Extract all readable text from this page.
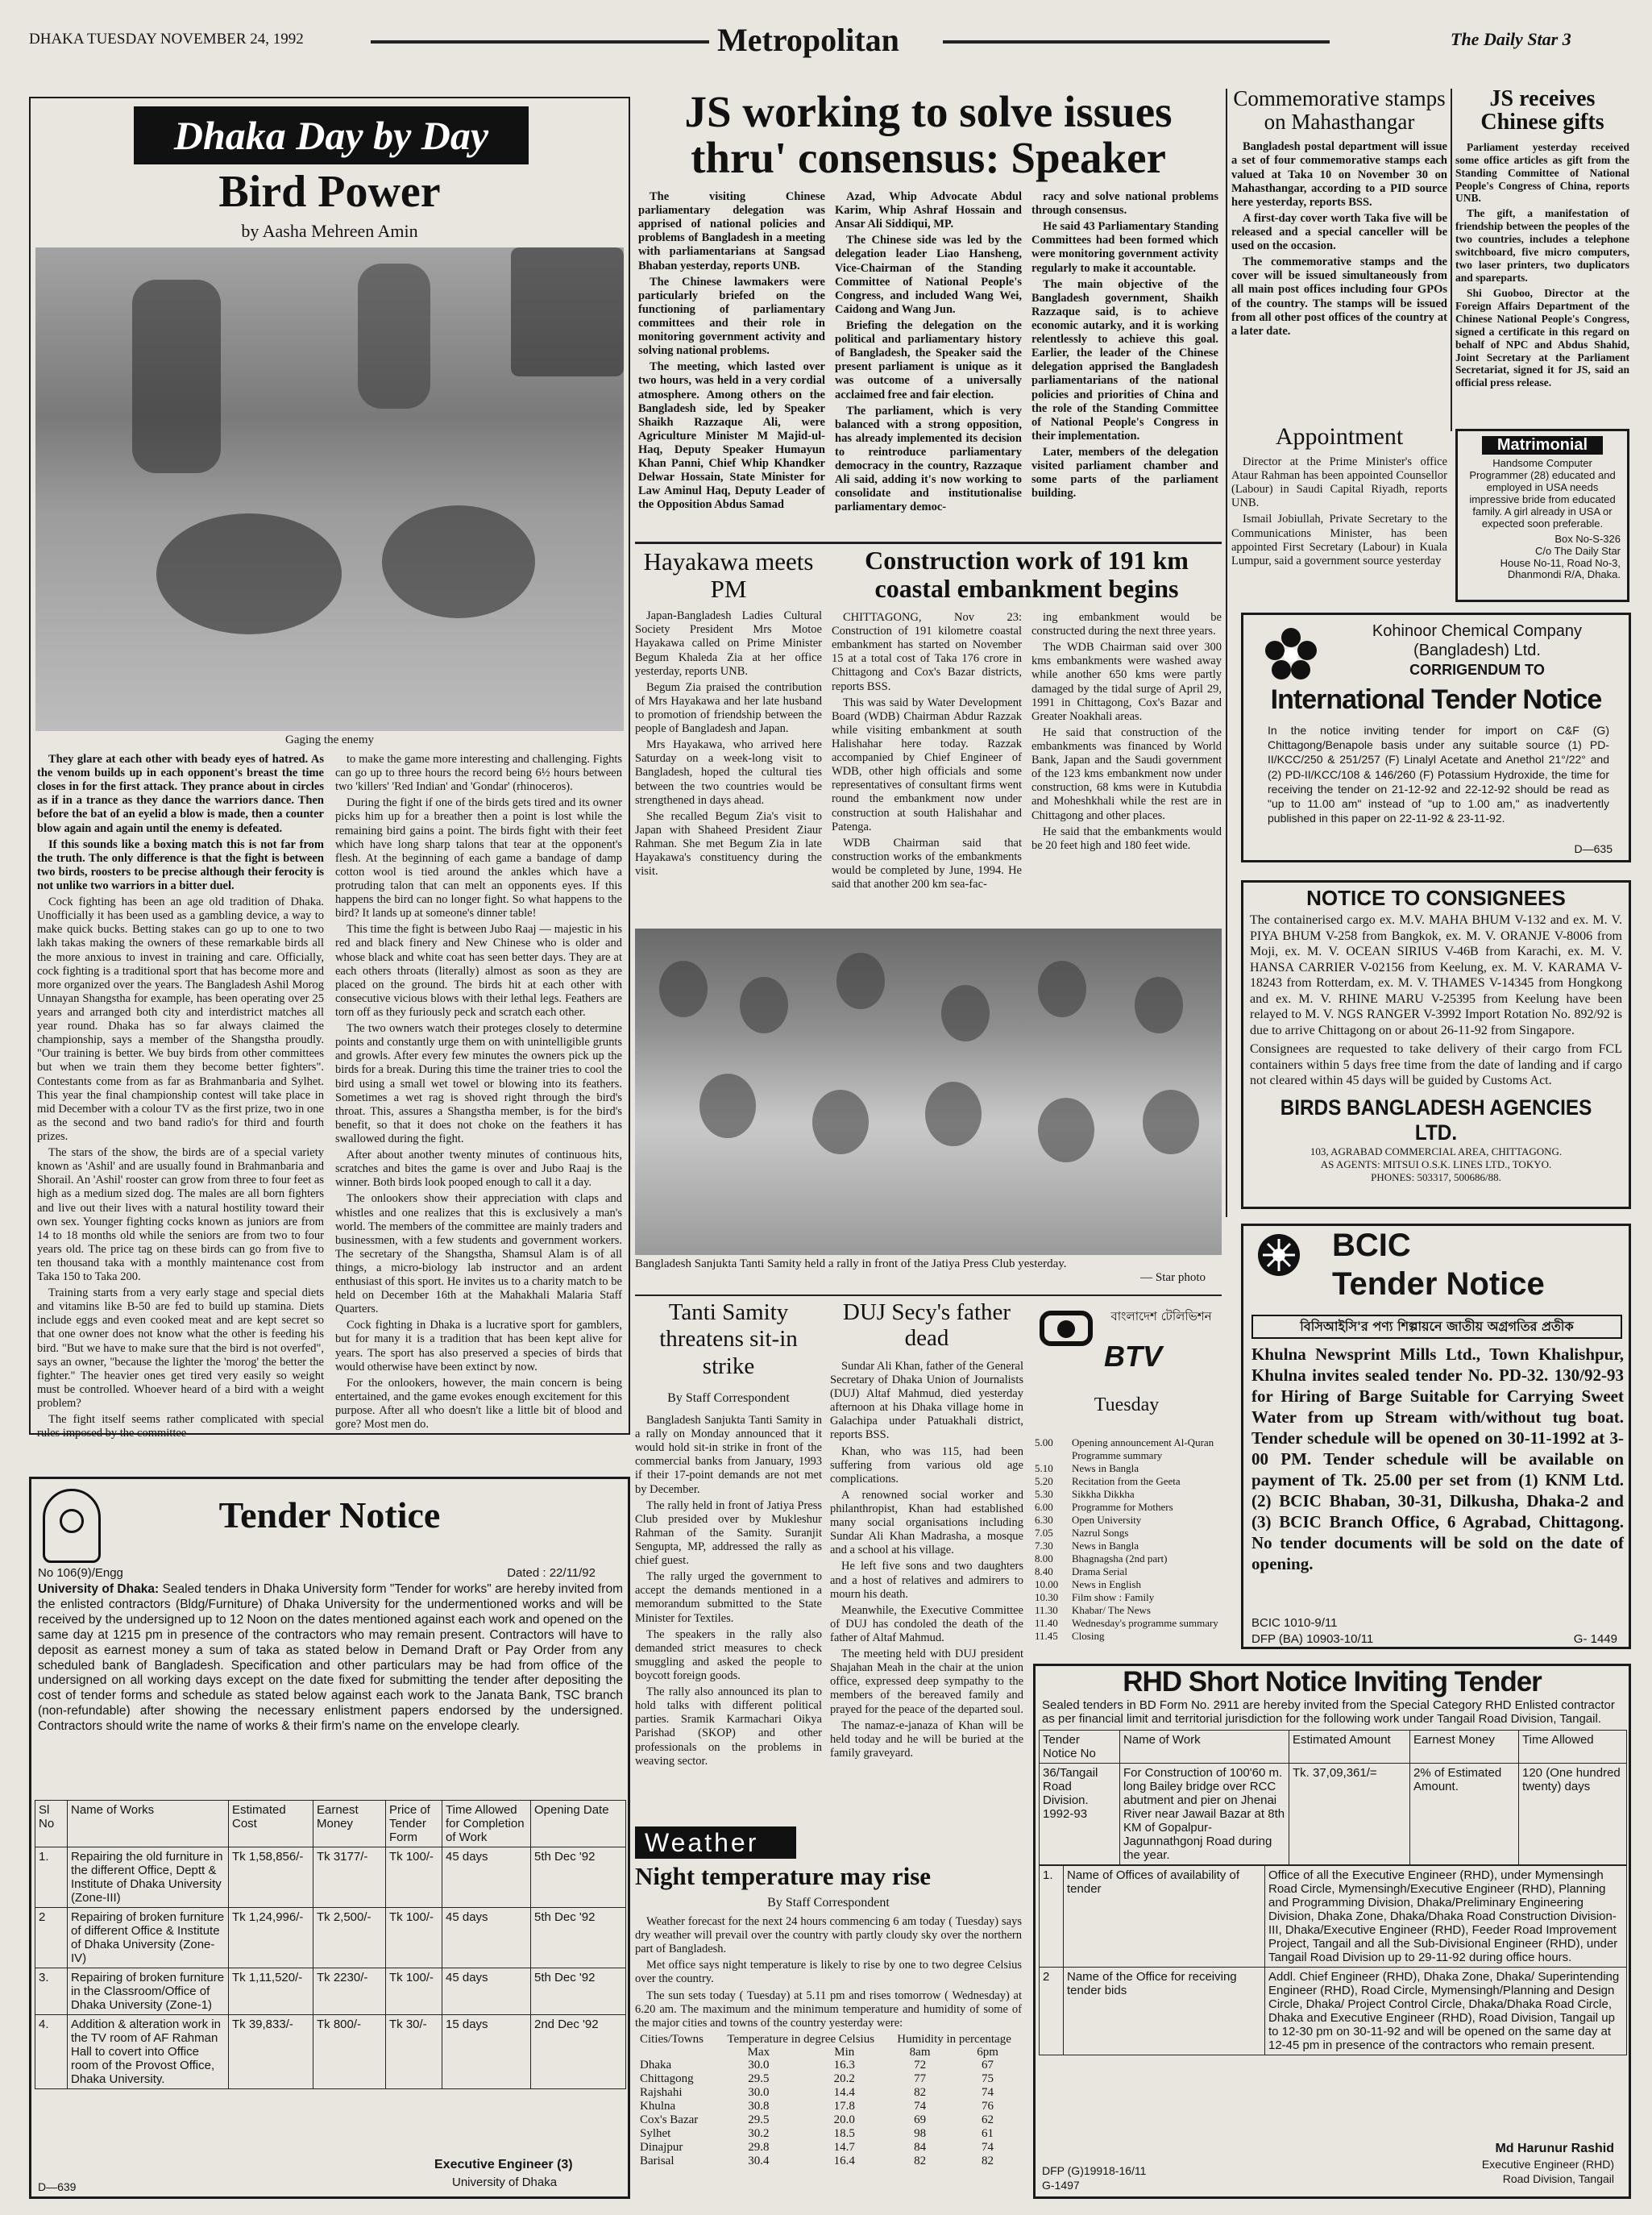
DHAKA TUESDAY NOVEMBER 24, 1992	Metropolitan	The Daily Star 3
Dhaka Day by Day
Bird Power
by Aasha Mehreen Amin
Gaging the enemy

They glare at each other with beady eyes of hatred. As the venom builds up in each opponent's breast the time closes in for the first attack. They prance about in circles as if in a trance as they dance the warriors dance. Then before the bat of an eyelid a blow is made, then a counter blow again and again until the enemy is defeated.

If this sounds like a boxing match this is not far from the truth. The only difference is that the fight is between two birds, roosters to be precise although their ferocity is not unlike two warriors in a bitter duel.

Cock fighting has been an age old tradition of Dhaka. Unofficially it has been used as a gambling device, a way to make quick bucks. Betting stakes can go up to one to two lakh takas making the owners of these remarkable birds all the more anxious to invest in training and care. Officially, cock fighting is a traditional sport that has become more and more organized over the years. The Bangladesh Ashil Morog Unnayan Shangstha for example, has been operating over 25 years and arranged both city and interdistrict matches all year round. Dhaka has so far always claimed the championship, says a member of the Shangstha proudly. "Our training is better. We buy birds from other committees but when we train them they become better fighters". Contestants come from as far as Brahmanbaria and Sylhet. This year the final championship contest will take place in mid December with a colour TV as the first prize, two in one as the second and two band radio's for third and fourth prizes.

The stars of the show, the birds are of a special variety known as 'Ashil' and are usually found in Brahmanbaria and Shorail. An 'Ashil' rooster can grow from three to four feet as high as a medium sized dog. The males are all born fighters and live out their lives with a natural hostility toward their own sex. Younger fighting cocks known as juniors are from 14 to 18 months old while the seniors are from two to four years old. The price tag on these birds can go from five to ten thousand taka with a monthly maintenance cost from Taka 150 to Taka 200.

Training starts from a very early stage and special diets and vitamins like B-50 are fed to build up stamina. Diets include eggs and even cooked meat and are kept secret so that one owner does not know what the other is feeding his bird. "But we have to make sure that the bird is not overfed", says an owner, "because the lighter the 'morog' the better the fighter." The heavier ones get tired very easily so weight must be controlled. Whoever heard of a bird with a weight problem?

The fight itself seems rather complicated with special rules imposed by the committee

to make the game more interesting and challenging. Fights can go up to three hours the record being 6½ hours between two 'killers' 'Red Indian' and 'Gondar' (rhinoceros).

During the fight if one of the birds gets tired and its owner picks him up for a breather then a point is lost while the remaining bird gains a point. The birds fight with their feet which have long sharp talons that tear at the opponent's flesh. At the beginning of each game a bandage of damp cotton wool is tied around the ankles which have a protruding talon that can melt an opponents eyes. If this happens the bird can no longer fight. So what happens to the bird? It lands up at someone's dinner table!

This time the fight is between Jubo Raaj — majestic in his red and black finery and New Chinese who is older and whose black and white coat has seen better days. They are at each others throats (literally) almost as soon as they are placed on the ground. The birds hit at each other with consecutive vicious blows with their lethal legs. Feathers are torn off as they furiously peck and scratch each other.

The two owners watch their proteges closely to determine points and constantly urge them on with unintelligible grunts and growls. After every few minutes the owners pick up the birds for a break. During this time the trainer tries to cool the bird using a small wet towel or blowing into its feathers. Sometimes a wet rag is shoved right through the bird's throat. This, assures a Shangstha member, is for the bird's benefit, so that it does not choke on the feathers it has swallowed during the fight.

After about another twenty minutes of continuous hits, scratches and bites the game is over and Jubo Raaj is the winner. Both birds look pooped enough to call it a day.

The onlookers show their appreciation with claps and whistles and one realizes that this is exclusively a man's world. The members of the committee are mainly traders and businessmen, with a few students and government workers. The secretary of the Shangstha, Shamsul Alam is of all things, a micro-biology lab instructor and an ardent enthusiast of this sport. He invites us to a charity match to be held on December 16th at the Mahakhali Malaria Staff Quarters.

Cock fighting in Dhaka is a lucrative sport for gamblers, but for many it is a tradition that has been kept alive for years. The sport has also preserved a species of birds that would otherwise have been extinct by now.

For the onlookers, however, the main concern is being entertained, and the game evokes enough excitement for this purpose. After all who doesn't like a little bit of blood and gore? Most men do.

JS working to solve issues thru' consensus: Speaker

The visiting Chinese parliamentary delegation was apprised of national policies and problems of Bangladesh in a meeting with parliamentarians at Sangsad Bhaban yesterday, reports UNB.

The Chinese lawmakers were particularly briefed on the functioning of parliamentary committees and their role in monitoring government activity and solving national problems.

The meeting, which lasted over two hours, was held in a very cordial atmosphere. Among others on the Bangladesh side, led by Speaker Shaikh Razzaque Ali, were Agriculture Minister M Majid-ul-Haq, Deputy Speaker Humayun Khan Panni, Chief Whip Khandker Delwar Hossain, State Minister for Law Aminul Haq, Deputy Leader of the Opposition Abdus Samad

Azad, Whip Advocate Abdul Karim, Whip Ashraf Hossain and Ansar Ali Siddiqui, MP.

The Chinese side was led by the delegation leader Liao Hansheng, Vice-Chairman of the Standing Committee of National People's Congress, and included Wang Wei, Caidong and Wang Jun.

Briefing the delegation on the political and parliamentary history of Bangladesh, the Speaker said the present parliament is unique as it was outcome of a universally acclaimed free and fair election.

The parliament, which is very balanced with a strong opposition, has already implemented its decision to reintroduce parliamentary democracy in the country, Razzaque Ali said, adding it's now working to consolidate and institutionalise parliamentary democ-

racy and solve national problems through consensus.

He said 43 Parliamentary Standing Committees had been formed which were monitoring government activity regularly to make it accountable.

The main objective of the Bangladesh government, Shaikh Razzaque said, is to achieve economic autarky, and it is working relentlessly to achieve this goal. Earlier, the leader of the Chinese delegation apprised the Bangladesh parliamentarians of the national policies and priorities of China and the role of the Standing Committee of National People's Congress in their implementation.

Later, members of the delegation visited parliament chamber and some parts of the parliament building.

Commemorative stamps on Mahasthangar

Bangladesh postal department will issue a set of four commemorative stamps each valued at Taka 10 on November 30 on Mahasthangar, according to a PID source here yesterday, reports BSS.

A first-day cover worth Taka five will be released and a special canceller will be used on the occasion.

The commemorative stamps and the cover will be issued simultaneously from all main post offices including four GPOs of the country. The stamps will be issued from all other post offices of the country at a later date.

JS receives Chinese gifts

Parliament yesterday received some office articles as gift from the Standing Committee of National People's Congress of China, reports UNB.

The gift, a manifestation of friendship between the peoples of the two countries, includes a telephone switchboard, five micro computers, two laser printers, two duplicators and spareparts.

Shi Guoboo, Director at the Foreign Affairs Department of the Chinese National People's Congress, signed a certificate in this regard on behalf of NPC and Abdus Shahid, Joint Secretary at the Parliament Secretariat, signed it for JS, said an official press release.

Appointment

Director at the Prime Minister's office Ataur Rahman has been appointed Counsellor (Labour) in Saudi Capital Riyadh, reports UNB.

Ismail Jobiullah, Private Secretary to the Communications Minister, has been appointed First Secretary (Labour) in Kuala Lumpur, said a government source yesterday

Matrimonial
Handsome Computer Programmer (28) educated and employed in USA needs impressive bride from educated family. A girl already in USA or expected soon preferable.
Box No-S-326
C/o The Daily Star
House No-11, Road No-3,
Dhanmondi R/A, Dhaka.
Hayakawa meets PM

Japan-Bangladesh Ladies Cultural Society President Mrs Motoe Hayakawa called on Prime Minister Begum Khaleda Zia at her office yesterday, reports UNB.

Begum Zia praised the contribution of Mrs Hayakawa and her late husband to promotion of friendship between the people of Bangladesh and Japan.

Mrs Hayakawa, who arrived here Saturday on a week-long visit to Bangladesh, hoped the cultural ties between the two countries would be strengthened in days ahead.

She recalled Begum Zia's visit to Japan with Shaheed President Ziaur Rahman. She met Begum Zia in late Hayakawa's constituency during the visit.

Construction work of 191 km coastal embankment begins

CHITTAGONG, Nov 23: Construction of 191 kilometre coastal embankment has started on November 15 at a total cost of Taka 176 crore in Chittagong and Cox's Bazar districts, reports BSS.

This was said by Water Development Board (WDB) Chairman Abdur Razzak while visiting embankment at south Halishahar here today. Razzak accompanied by Chief Engineer of WDB, other high officials and some representatives of consultant firms went round the embankment now under construction at south Halishahar and Patenga.

WDB Chairman said that construction works of the embankments would be completed by June, 1994. He said that another 200 km sea-fac-

ing embankment would be constructed during the next three years.

The WDB Chairman said over 300 kms embankments were washed away while another 650 kms were partly damaged by the tidal surge of April 29, 1991 in Chittagong, Cox's Bazar and Greater Noakhali areas.

He said that construction of the embankments was financed by World Bank, Japan and the Saudi government of the 123 kms embankment now under construction, 68 kms were in Kutubdia and Moheshkhali while the rest are in Chittagong and other places.

He said that the embankments would be 20 feet high and 180 feet wide.

Bangladesh Sanjukta Tanti Samity held a rally in front of the Jatiya Press Club yesterday.
— Star photo
Tanti Samity threatens sit-in strike
By Staff Correspondent

Bangladesh Sanjukta Tanti Samity in a rally on Monday announced that it would hold sit-in strike in front of the commercial banks from January, 1993 if their 17-point demands are not met by December.

The rally held in front of Jatiya Press Club presided over by Mukleshur Rahman of the Samity. Suranjit Sengupta, MP, addressed the rally as chief guest.

The rally urged the government to accept the demands mentioned in a memorandum submitted to the State Minister for Textiles.

The speakers in the rally also demanded strict measures to check smuggling and asked the people to boycott foreign goods.

The rally also announced its plan to hold talks with different political parties. Sramik Karmachari Oikya Parishad (SKOP) and other professionals on the problems in weaving sector.

DUJ Secy's father dead

Sundar Ali Khan, father of the General Secretary of Dhaka Union of Journalists (DUJ) Altaf Mahmud, died yesterday afternoon at his Dhaka village home in Galachipa under Patuakhali district, reports BSS.

Khan, who was 115, had been suffering from various old age complications.

A renowned social worker and philanthropist, Khan had established many social organisations including Sundar Ali Khan Madrasha, a mosque and a school at his village.

He left five sons and two daughters and a host of relatives and admirers to mourn his death.

Meanwhile, the Executive Committee of DUJ has condoled the death of the father of Altaf Mahmud.

The meeting held with DUJ president Shajahan Meah in the chair at the union office, expressed deep sympathy to the members of the bereaved family and prayed for the peace of the departed soul.

The namaz-e-janaza of Khan will be held today and he will be buried at the family graveyard.

বাংলাদেশ টেলিভিশন
BTV
Tuesday
5.00	Opening announcement Al-Quran Programme summary
5.10	News in Bangla
5.20	Recitation from the Geeta
5.30	Sikkha Dikkha
6.00	Programme for Mothers
6.30	Open University
7.05	Nazrul Songs
7.30	News in Bangla
8.00	Bhagnagsha (2nd part)
8.40	Drama Serial
10.00	News in English
10.30	Film show : Family
11.30	Khabar/ The News
11.40	Wednesday's programme summary
11.45	Closing
Weather
Night temperature may rise
By Staff Correspondent

Weather forecast for the next 24 hours commencing 6 am today ( Tuesday) says dry weather will prevail over the country with partly cloudy sky over the northern part of Bangladesh.

Met office says night temperature is likely to rise by one to two degree Celsius over the country.

The sun sets today ( Tuesday) at 5.11 pm and rises tomorrow ( Wednesday) at 6.20 am. The maximum and the minimum temperature and humidity of some of the major cities and towns of the country yesterday were:

Cities/Towns	Temperature in degree Celsius		Humidity in percentage	
	Max	Min	8am	6pm
Dhaka	30.0	16.3	72	67
Chittagong	29.5	20.2	77	75
Rajshahi	30.0	14.4	82	74
Khulna	30.8	17.8	74	76
Cox's Bazar	29.5	20.0	69	62
Sylhet	30.2	18.5	98	61
Dinajpur	29.8	14.7	84	74
Barisal	30.4	16.4	82	82
Kohinoor Chemical Company (Bangladesh) Ltd.
CORRIGENDUM TO
International Tender Notice
In the notice inviting tender for import on C&F (G) Chittagong/Benapole basis under any suitable source (1) PD-II/KCC/250 & 251/257 (F) Linalyl Acetate and Anethol 21°/22° and (2) PD-II/KCC/108 & 146/260 (F) Potassium Hydroxide, the time for receiving the tender on 21-12-92 and 22-12-92 should be read as "up to 11.00 am" instead of "up to 1.00 am," as inadvertently published in this paper on 22-11-92 & 23-11-92.
D—635
NOTICE TO CONSIGNEES
The containerised cargo ex. M.V. MAHA BHUM V-132 and ex. M. V. PIYA BHUM V-258 from Bangkok, ex. M. V. ORANJE V-8006 from Moji, ex. M. V. OCEAN SIRIUS V-46B from Karachi, ex. M. V. HANSA CARRIER V-02156 from Keelung, ex. M. V. KARAMA V-18243 from Rotterdam, ex. M. V. THAMES V-14345 from Hongkong and ex. M. V. RHINE MARU V-25395 from Keelung have been relayed to M. V. NGS RANGER V-3992 Import Rotation No. 892/92 is due to arrive Chittagong on or about 26-11-92 from Singapore.
Consignees are requested to take delivery of their cargo from FCL containers within 5 days free time from the date of landing and if cargo not cleared within 45 days will be guided by Customs Act.
BIRDS BANGLADESH AGENCIES LTD.
103, AGRABAD COMMERCIAL AREA, CHITTAGONG.
AS AGENTS: MITSUI O.S.K. LINES LTD., TOKYO.
PHONES: 503317, 500686/88.
BCIC
Tender Notice
বিসিআইসি'র পণ্য শিল্পায়নে জাতীয় অগ্রগতির প্রতীক
Khulna Newsprint Mills Ltd., Town Khalishpur, Khulna invites sealed tender No. PD-32. 130/92-93 for Hiring of Barge Suitable for Carrying Sweet Water from up Stream with/without tug boat. Tender schedule will be opened on 30-11-1992 at 3-00 PM. Tender schedule will be available on payment of Tk. 25.00 per set from (1) KNM Ltd. (2) BCIC Bhaban, 30-31, Dilkusha, Dhaka-2 and (3) BCIC Branch Office, 6 Agrabad, Chittagong. No tender documents will be sold on the date of opening.
BCIC 1010-9/11
DFP (BA) 10903-10/11	G- 1449
Tender Notice
No 106(9)/Engg	Dated : 22/11/92
University of Dhaka: Sealed tenders in Dhaka University form "Tender for works" are hereby invited from the enlisted contractors (Bldg/Furniture) of Dhaka University for the undermentioned works and will be received by the undersigned up to 12 Noon on the dates mentioned against each work and opened on the same day at 1215 pm in presence of the contractors who may remain present. Contractors will have to deposit as earnest money a sum of taka as stated below in Demand Draft or Pay Order from any scheduled bank of Bangladesh. Specification and other particulars may be had from office of the undersigned on all working days except on the date fixed for submitting the tender after depositing the cost of tender forms and schedule as stated below against each work to the Janata Bank, TSC branch (non-refundable) after showing the necessary enlistment papers endorsed by the undersigned. Contractors should write the name of works & their firm's name on the envelope clearly.
Sl No	Name of Works	Estimated Cost	Earnest Money	Price of Tender Form	Time Allowed for Completion of Work	Opening Date
1.	Repairing the old furniture in the different Office, Deptt & Institute of Dhaka University (Zone-III)	Tk 1,58,856/-	Tk 3177/-	Tk 100/-	45 days	5th Dec '92
2	Repairing of broken furniture of different Office & Institute of Dhaka University (Zone-IV)	Tk 1,24,996/-	Tk 2,500/-	Tk 100/-	45 days	5th Dec '92
3.	Repairing of broken furniture in the Classroom/Office of Dhaka University (Zone-1)	Tk 1,11,520/-	Tk 2230/-	Tk 100/-	45 days	5th Dec '92
4.	Addition & alteration work in the TV room of AF Rahman Hall to covert into Office room of the Provost Office, Dhaka University.	Tk 39,833/-	Tk 800/-	Tk 30/-	15 days	2nd Dec '92
Executive Engineer (3)
University of Dhaka
D—639
RHD Short Notice Inviting Tender
Sealed tenders in BD Form No. 2911 are hereby invited from the Special Category RHD Enlisted contractor as per financial limit and territorial jurisdiction for the following work under Tangail Road Division, Tangail.
Tender Notice No	Name of Work	Estimated Amount	Earnest Money	Time Allowed
36/Tangail Road Division. 1992-93	For Construction of 100'60 m. long Bailey bridge over RCC abutment and pier on Jhenai River near Jawail Bazar at 8th KM of Gopalpur-Jagunnathgonj Road during the year.	Tk. 37,09,361/=	2% of Estimated Amount.	120 (One hundred twenty) days
1.	Name of Offices of availability of tender	Office of all the Executive Engineer (RHD), under Mymensingh Road Circle, Mymensingh/Executive Engineer (RHD), Planning and Programming Division, Dhaka/Preliminary Engineering Division, Dhaka Zone, Dhaka/Dhaka Road Construction Division-III, Dhaka/Executive Engineer (RHD), Feeder Road Improvement Project, Tangail and all the Sub-Divisional Engineer (RHD), under Tangail Road Division up to 29-11-92 during office hours.
2	Name of the Office for receiving tender bids	Addl. Chief Engineer (RHD), Dhaka Zone, Dhaka/ Superintending Engineer (RHD), Road Circle, Mymensingh/Planning and Design Circle, Dhaka/ Project Control Circle, Dhaka/Dhaka Road Circle, Dhaka and Executive Engineer (RHD), Road Division, Tangail up to 12-30 pm on 30-11-92 and will be opened on the same day at 12-45 pm in presence of the contractors who remain present.
Md Harunur Rashid
Executive Engineer (RHD)
Road Division, Tangail
DFP (G)19918-16/11
G-1497
